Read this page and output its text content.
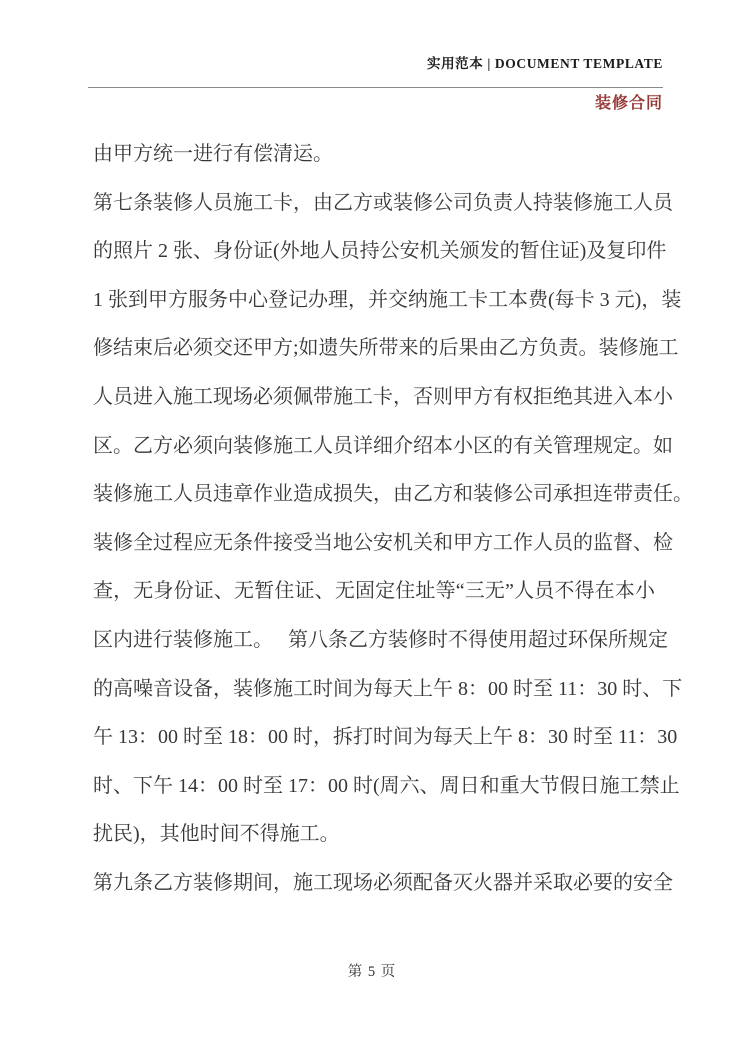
实用范本 | DOCUMENT TEMPLATE
装修合同
由甲方统一进行有偿清运。
第七条装修人员施工卡，由乙方或装修公司负责人持装修施工人员
的照片 2 张、身份证(外地人员持公安机关颁发的暂住证)及复印件
1 张到甲方服务中心登记办理，并交纳施工卡工本费(每卡 3 元)，装
修结束后必须交还甲方;如遗失所带来的后果由乙方负责。装修施工
人员进入施工现场必须佩带施工卡，否则甲方有权拒绝其进入本小
区。乙方必须向装修施工人员详细介绍本小区的有关管理规定。如
装修施工人员违章作业造成损失，由乙方和装修公司承担连带责任。
装修全过程应无条件接受当地公安机关和甲方工作人员的监督、检
查，无身份证、无暂住证、无固定住址等“三无”人员不得在本小
区内进行装修施工。　 第八条乙方装修时不得使用超过环保所规定
的高噪音设备，装修施工时间为每天上午 8：00 时至 11：30 时、下
午 13：00 时至 18：00 时，拆打时间为每天上午 8：30 时至 11：30
时、下午 14：00 时至 17：00 时(周六、周日和重大节假日施工禁止
扰民)，其他时间不得施工。
第九条乙方装修期间，施工现场必须配备灭火器并采取必要的安全
第 5 页
